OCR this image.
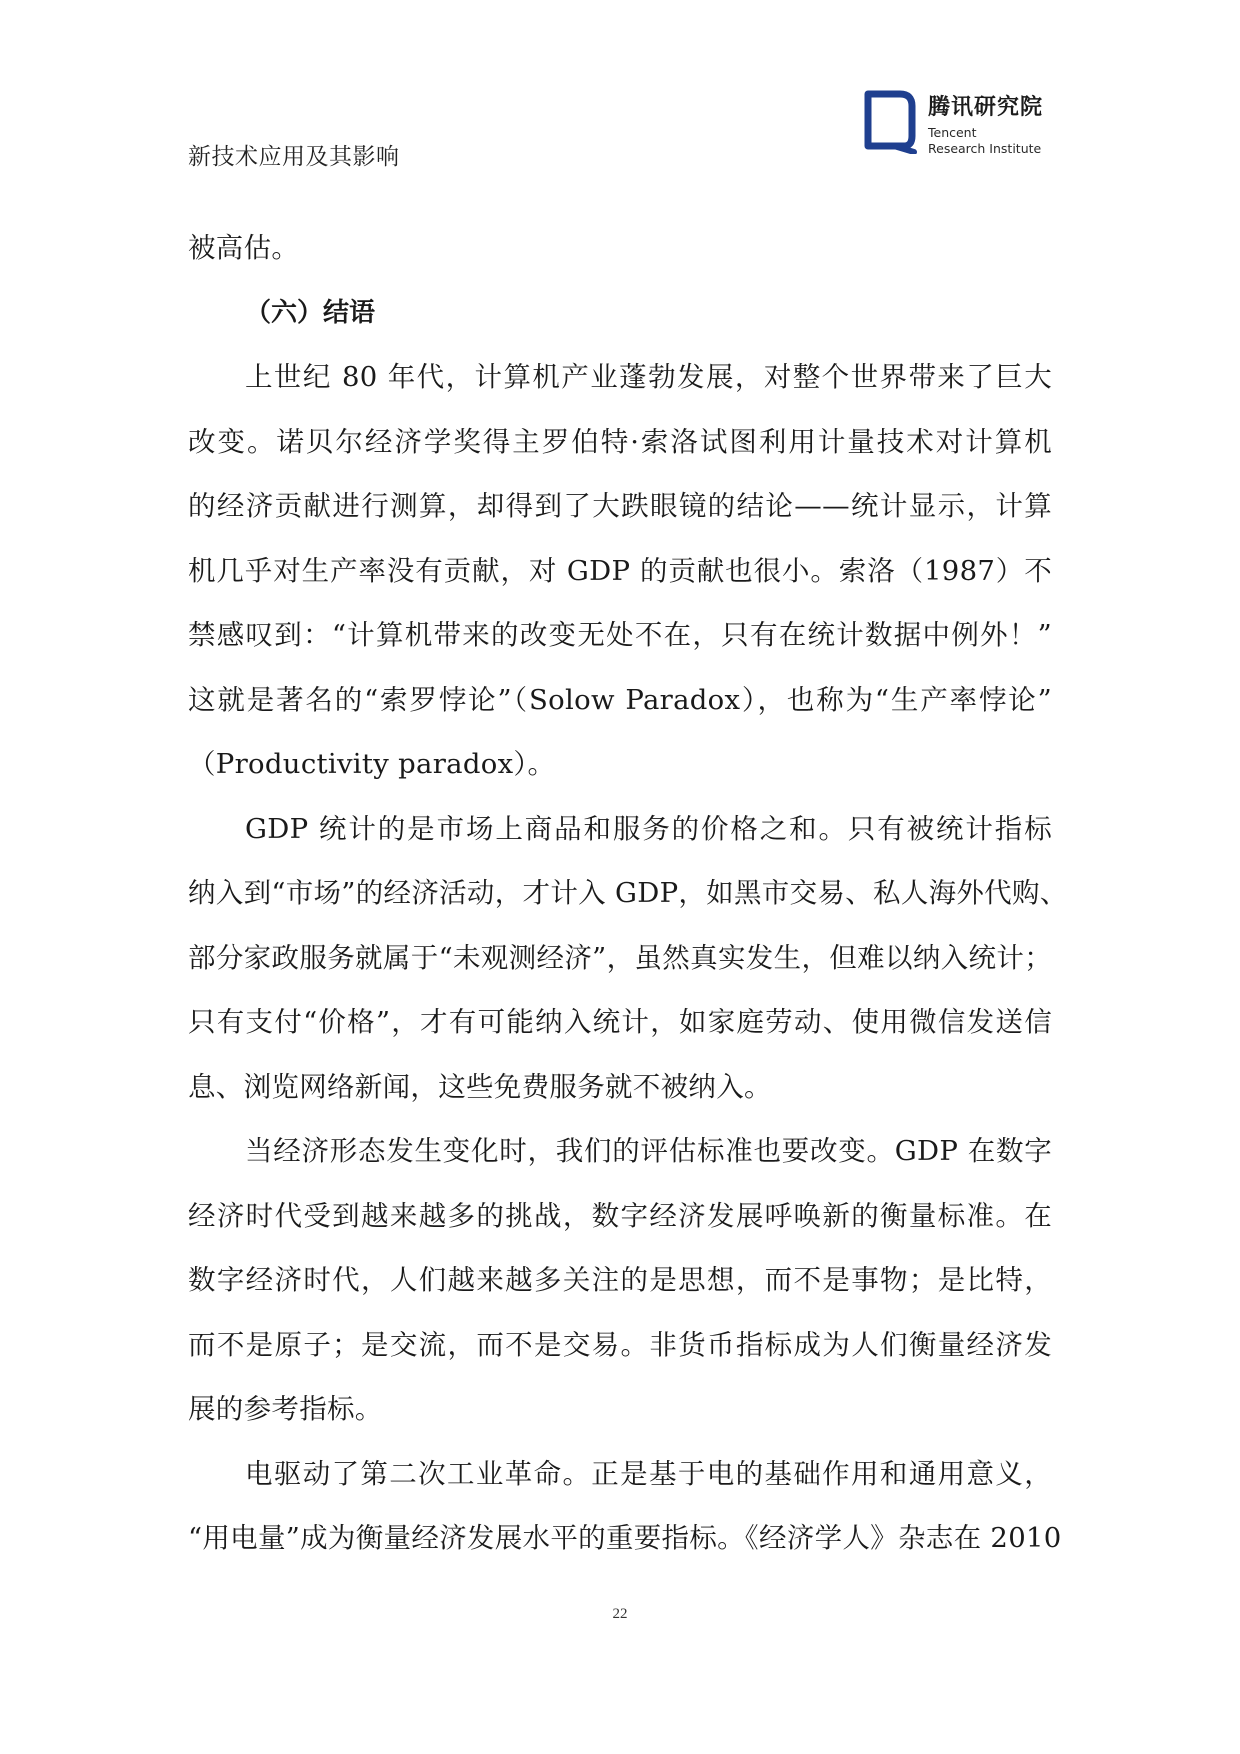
新技术应用及其影响
腾讯研究院
Tencent
Research Institute
被高估。
（六）结语
上世纪 80 年代，计算机产业蓬勃发展，对整个世界带来了巨大
改变。诺贝尔经济学奖得主罗伯特·索洛试图利用计量技术对计算机
的经济贡献进行测算，却得到了大跌眼镜的结论——统计显示，计算
机几乎对生产率没有贡献，对 GDP 的贡献也很小。索洛（1987）不
禁感叹到：“计算机带来的改变无处不在，只有在统计数据中例外！”
这就是著名的“索罗悖论”（Solow Paradox），也称为“生产率悖论”
（Productivity paradox）。
GDP 统计的是市场上商品和服务的价格之和。只有被统计指标
纳入到“市场”的经济活动，才计入 GDP，如黑市交易、私人海外代购、
部分家政服务就属于“未观测经济”，虽然真实发生，但难以纳入统计；
只有支付“价格”，才有可能纳入统计，如家庭劳动、使用微信发送信
息、浏览网络新闻，这些免费服务就不被纳入。
当经济形态发生变化时，我们的评估标准也要改变。GDP 在数字
经济时代受到越来越多的挑战，数字经济发展呼唤新的衡量标准。在
数字经济时代，人们越来越多关注的是思想，而不是事物；是比特，
而不是原子；是交流，而不是交易。非货币指标成为人们衡量经济发
展的参考指标。
电驱动了第二次工业革命。正是基于电的基础作用和通用意义，
“用电量”成为衡量经济发展水平的重要指标。《经济学人》杂志在 2010
22
